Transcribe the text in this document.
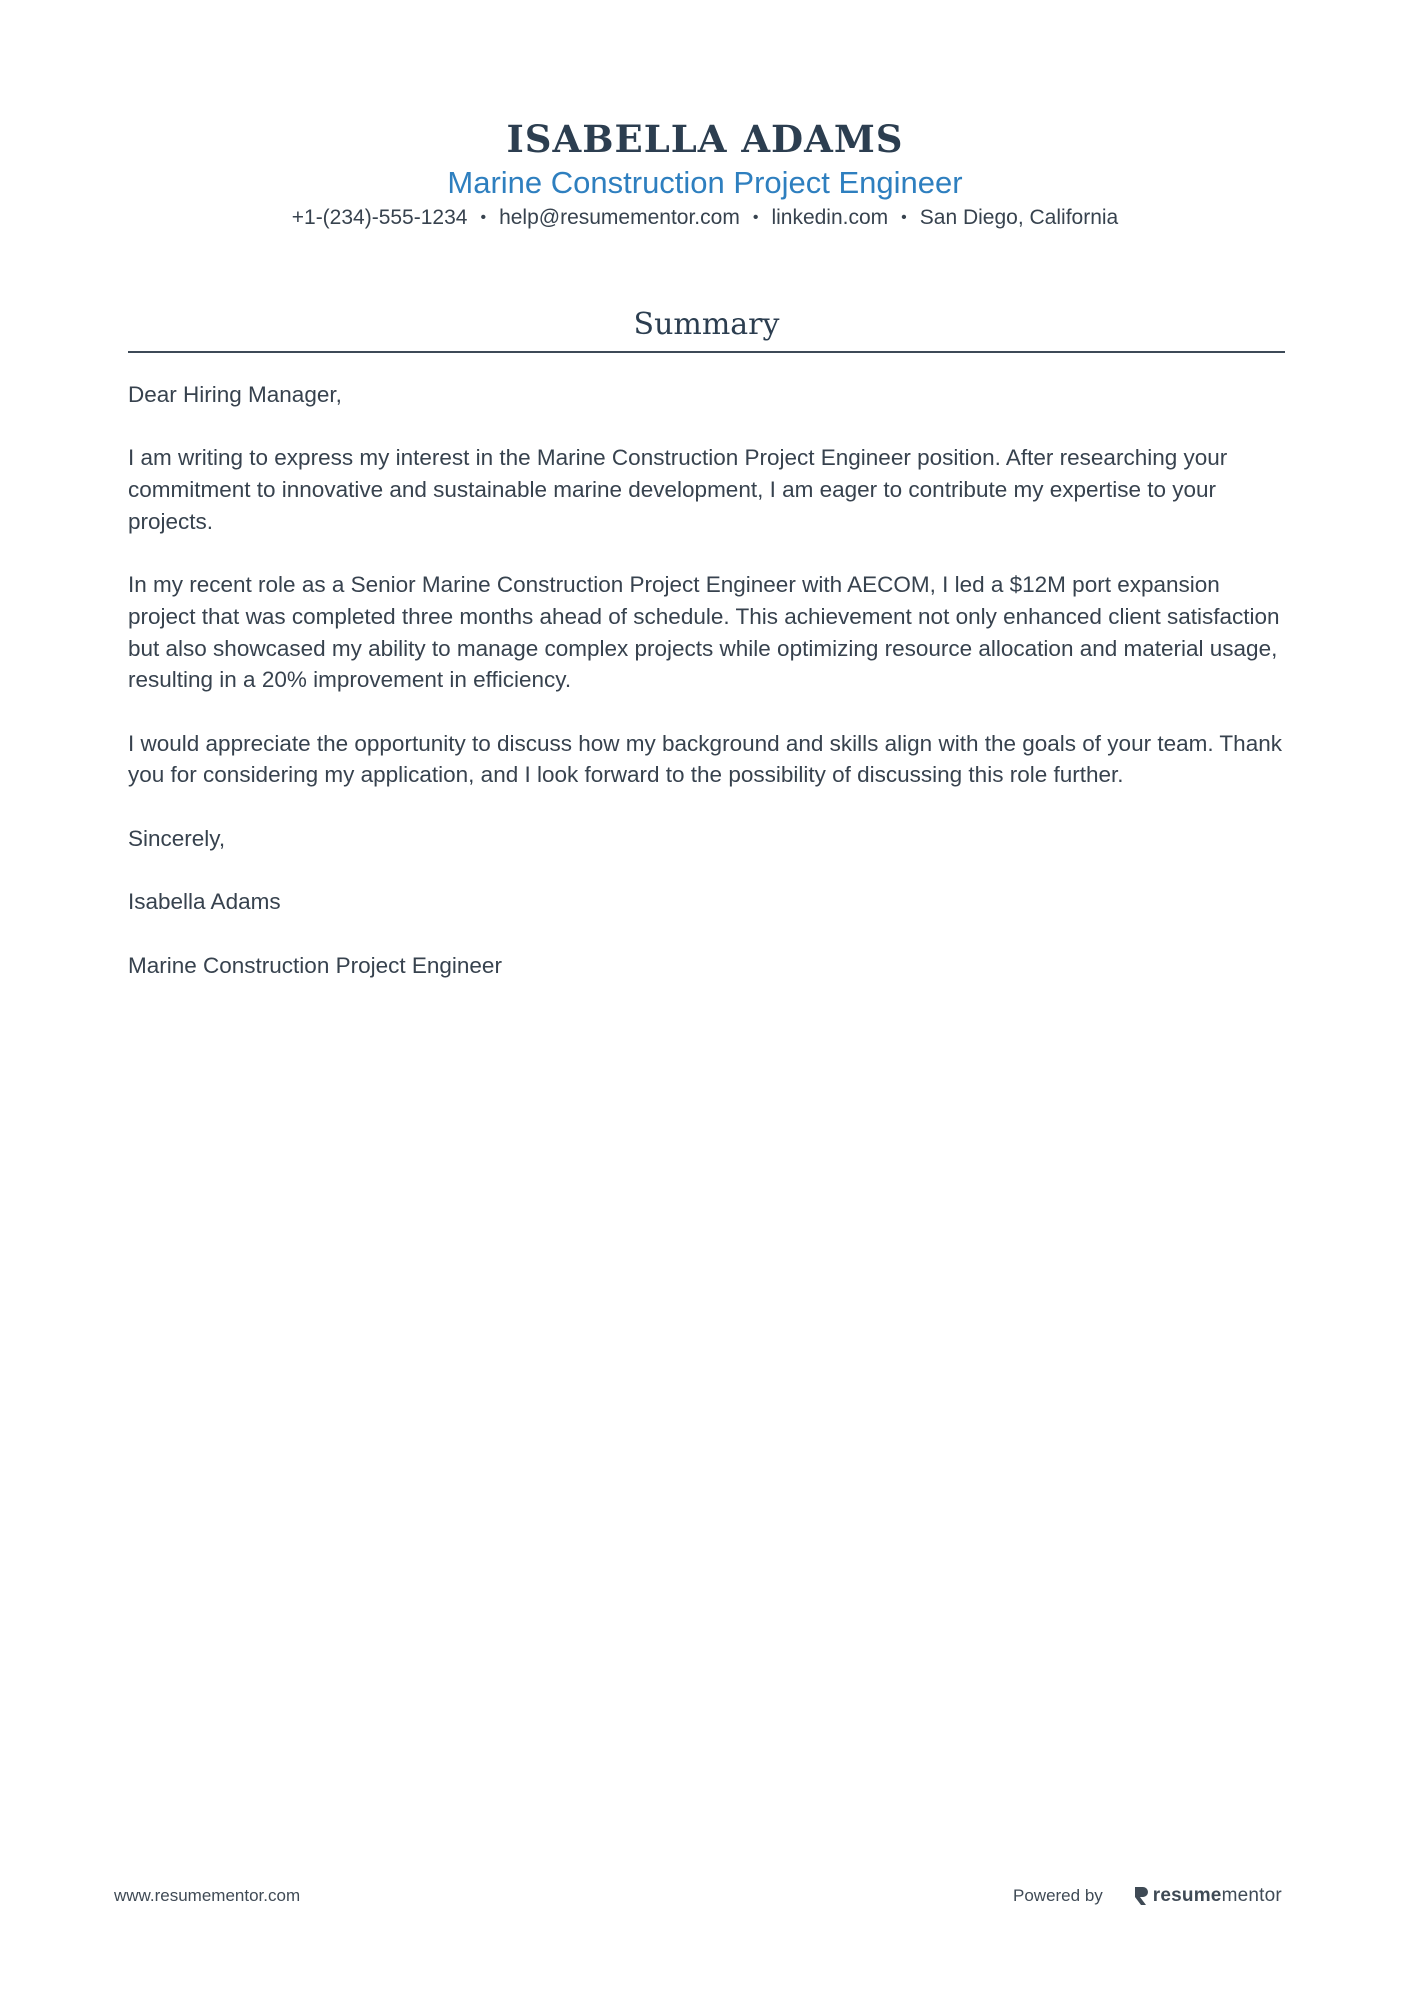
ISABELLA ADAMS
Marine Construction Project Engineer
+1-(234)-555-1234 • help@resumementor.com • linkedin.com • San Diego, California
Summary

Dear Hiring Manager,

I am writing to express my interest in the Marine Construction Project Engineer position. After researching your commitment to innovative and sustainable marine development, I am eager to contribute my expertise to your projects.

In my recent role as a Senior Marine Construction Project Engineer with AECOM, I led a $12M port expansion project that was completed three months ahead of schedule. This achievement not only enhanced client satisfaction but also showcased my ability to manage complex projects while optimizing resource allocation and material usage, resulting in a 20% improvement in efficiency.

I would appreciate the opportunity to discuss how my background and skills align with the goals of your team. Thank you for considering my application, and I look forward to the possibility of discussing this role further.

Sincerely,

Isabella Adams

Marine Construction Project Engineer

www.resumementor.com	Powered by	resumementor
